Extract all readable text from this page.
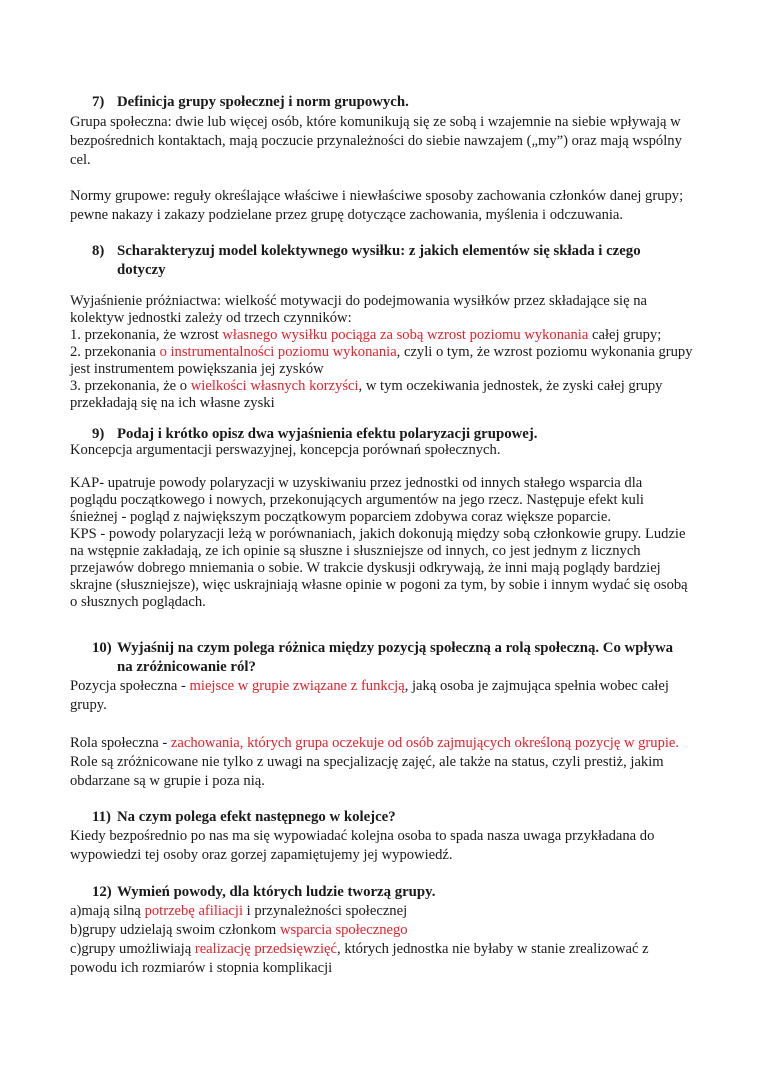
7) Definicja grupy społecznej i norm grupowych.
Grupa społeczna: dwie lub więcej osób, które komunikują się ze sobą i wzajemnie na siebie wpływają w bezpośrednich kontaktach, mają poczucie przynależności do siebie nawzajem („my”) oraz mają wspólny cel.
Normy grupowe: reguły określające właściwe i niewłaściwe sposoby zachowania członków danej grupy; pewne nakazy i zakazy podzielane przez grupę dotyczące zachowania, myślenia i odczuwania.
8) Scharakteryzuj model kolektywnego wysiłku: z jakich elementów się składa i czego dotyczy
Wyjaśnienie próżniactwa: wielkość motywacji do podejmowania wysiłków przez składające się na kolektyw jednostki zależy od trzech czynników:
1. przekonania, że wzrost własnego wysiłku pociąga za sobą wzrost poziomu wykonania całej grupy;
2. przekonania o instrumentalności poziomu wykonania, czyli o tym, że wzrost poziomu wykonania grupy jest instrumentem powiększania jej zysków
3. przekonania, że o wielkości własnych korzyści, w tym oczekiwania jednostek, że zyski całej grupy przekładają się na ich własne zyski
9) Podaj i krótko opisz dwa wyjaśnienia efektu polaryzacji grupowej.
Koncepcja argumentacji perswazyjnej, koncepcja porównań społecznych.
KAP- upatruje powody polaryzacji w uzyskiwaniu przez jednostki od innych stałego wsparcia dla poglądu początkowego i nowych, przekonujących argumentów na jego rzecz. Następuje efekt kuli śnieżnej - pogląd z największym początkowym poparciem zdobywa coraz większe poparcie.
KPS - powody polaryzacji leżą w porównaniach, jakich dokonują między sobą członkowie grupy. Ludzie na wstępnie zakładają, ze ich opinie są słuszne i słuszniejsze od innych, co jest jednym z licznych przejawów dobrego mniemania o sobie. W trakcie dyskusji odkrywają, że inni mają poglądy bardziej skrajne (słuszniejsze), więc uskrajniają własne opinie w pogoni za tym, by sobie i innym wydać się osobą o słusznych poglądach.
10) Wyjaśnij na czym polega różnica między pozycją społeczną a rolą społeczną. Co wpływa na zróżnicowanie ról?
Pozycja społeczna - miejsce w grupie związane z funkcją, jaką osoba je zajmująca spełnia wobec całej grupy.
Rola społeczna - zachowania, których grupa oczekuje od osób zajmujących określoną pozycję w grupie.
Role są zróżnicowane nie tylko z uwagi na specjalizację zajęć, ale także na status, czyli prestiż, jakim obdarzane są w grupie i poza nią.
11) Na czym polega efekt następnego w kolejce?
Kiedy bezpośrednio po nas ma się wypowiadać kolejna osoba to spada nasza uwaga przykładana do wypowiedzi tej osoby oraz gorzej zapamiętujemy jej wypowiedź.
12) Wymień powody, dla których ludzie tworzą grupy.
a)mają silną potrzebę afiliacji i przynależności społecznej
b)grupy udzielają swoim członkom wsparcia społecznego
c)grupy umożliwiają realizację przedsięwzięć, których jednostka nie byłaby w stanie zrealizować z powodu ich rozmiarów i stopnia komplikacji
